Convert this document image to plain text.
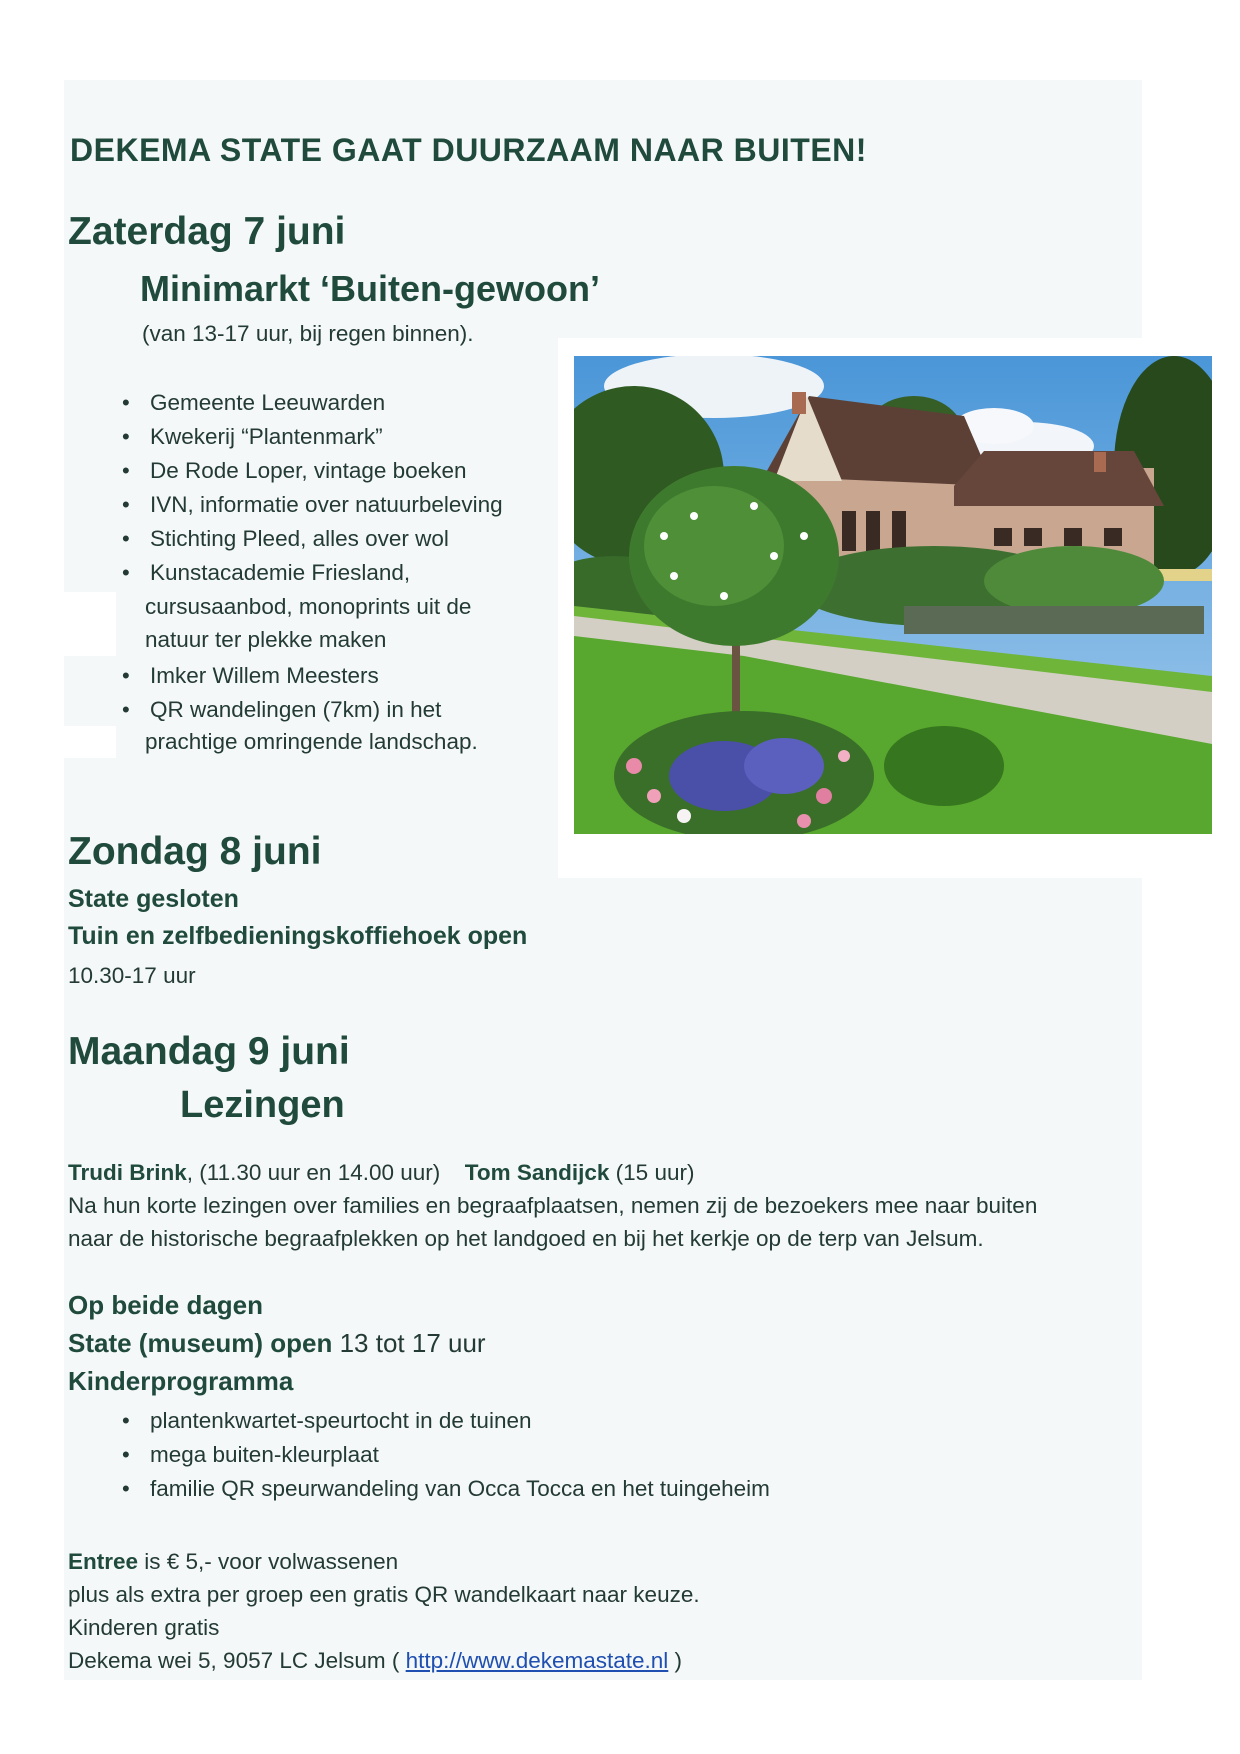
DEKEMA STATE GAAT DUURZAAM NAAR BUITEN!
Zaterdag 7 juni
Minimarkt ‘Buiten-gewoon’
(van 13-17 uur, bij regen binnen).
• Gemeente Leeuwarden
• Kwekerij “Plantenmark”
• De Rode Loper, vintage boeken
• IVN, informatie over natuurbeleving
• Stichting Pleed, alles over wol
• Kunstacademie Friesland,
cursusaanbod, monoprints uit de
natuur ter plekke maken
• Imker Willem Meesters
• QR wandelingen (7km) in het
prachtige omringende landschap.
Zondag 8 juni
State gesloten
Tuin en zelfbedieningskoffiehoek open
10.30-17 uur
Maandag 9 juni
Lezingen
Trudi Brink, (11.30 uur en 14.00 uur) Tom Sandijck (15 uur)
Na hun korte lezingen over families en begraafplaatsen, nemen zij de bezoekers mee naar buiten
naar de historische begraafplekken op het landgoed en bij het kerkje op de terp van Jelsum.
Op beide dagen
State (museum) open 13 tot 17 uur
Kinderprogramma
• plantenkwartet-speurtocht in de tuinen
• mega buiten-kleurplaat
• familie QR speurwandeling van Occa Tocca en het tuingeheim
Entree is € 5,- voor volwassenen
plus als extra per groep een gratis QR wandelkaart naar keuze.
Kinderen gratis
Dekema wei 5, 9057 LC Jelsum ( http://www.dekemastate.nl )
